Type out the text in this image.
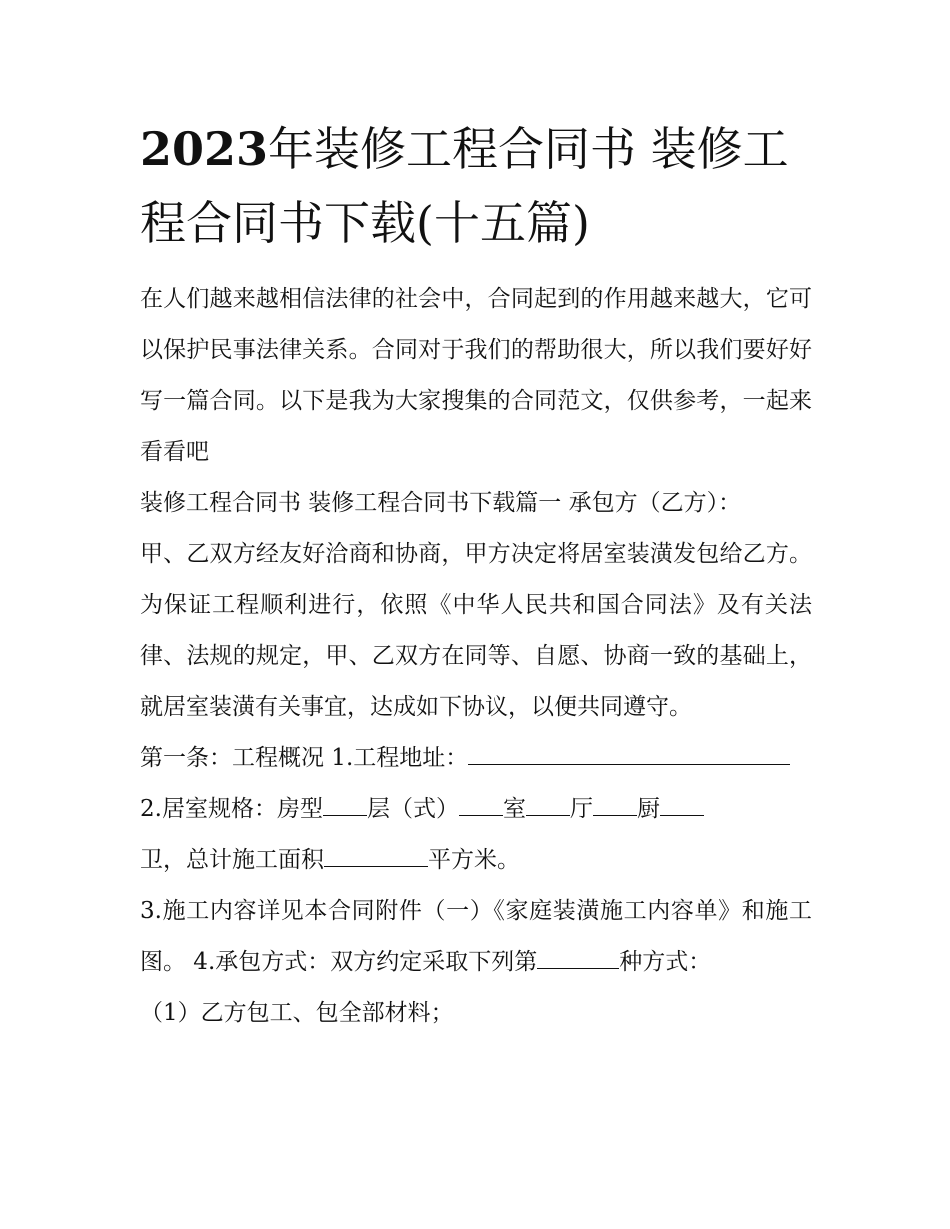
2023年装修工程合同书 装修工程合同书下载(十五篇)

在人们越来越相信法律的社会中，合同起到的作用越来越大，它可以保护民事法律关系。合同对于我们的帮助很大，所以我们要好好写一篇合同。以下是我为大家搜集的合同范文，仅供参考，一起来看看吧

装修工程合同书 装修工程合同书下载篇一 承包方（乙方）：

甲、乙双方经友好洽商和协商，甲方决定将居室装潢发包给乙方。为保证工程顺利进行，依照《中华人民共和国合同法》及有关法律、法规的规定，甲、乙双方在同等、自愿、协商一致的基础上，就居室装潢有关事宜，达成如下协议，以便共同遵守。

第一条：工程概况 1.工程地址：
2.居室规格：房型 层（式） 室 厅 厨
卫，总计施工面积	平方米。

3.施工内容详见本合同附件（一）《家庭装潢施工内容单》和施工图。 4.承包方式：双方约定采取下列第	种方式：

（1）乙方包工、包全部材料；
